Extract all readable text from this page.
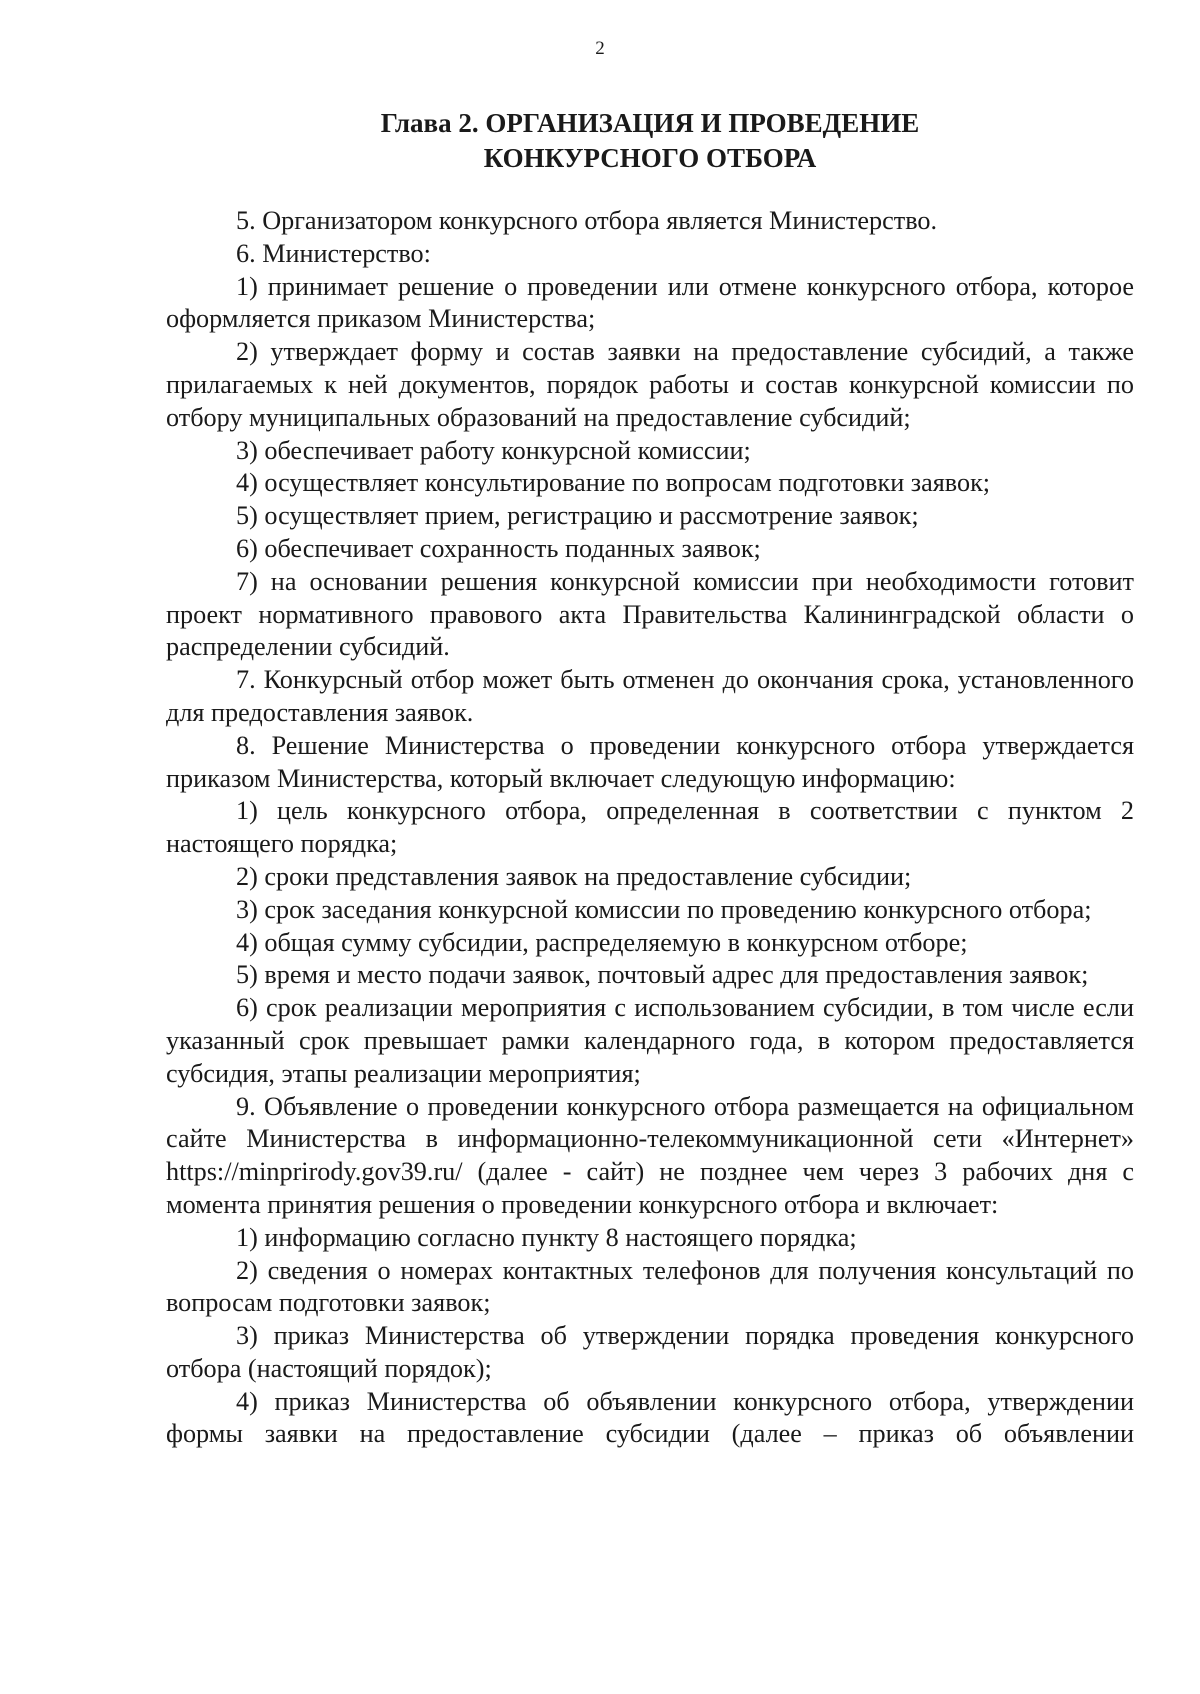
2
Глава 2. ОРГАНИЗАЦИЯ И ПРОВЕДЕНИЕ
КОНКУРСНОГО ОТБОРА

5. Организатором конкурсного отбора является Министерство.

6. Министерство:

1) принимает решение о проведении или отмене конкурсного отбора, которое оформляется приказом Министерства;

2) утверждает форму и состав заявки на предоставление субсидий, а также прилагаемых к ней документов, порядок работы и состав конкурсной комиссии по отбору муниципальных образований на предоставление субсидий;

3) обеспечивает работу конкурсной комиссии;

4) осуществляет консультирование по вопросам подготовки заявок;

5) осуществляет прием, регистрацию и рассмотрение заявок;

6) обеспечивает сохранность поданных заявок;

7) на основании решения конкурсной комиссии при необходимости готовит проект нормативного правового акта Правительства Калининградской области о распределении субсидий.

7. Конкурсный отбор может быть отменен до окончания срока, установленного для предоставления заявок.

8. Решение Министерства о проведении конкурсного отбора утверждается приказом Министерства, который включает следующую информацию:

1) цель конкурсного отбора, определенная в соответствии с пунктом 2 настоящего порядка;

2) сроки представления заявок на предоставление субсидии;

3) срок заседания конкурсной комиссии по проведению конкурсного отбора;

4) общая сумму субсидии, распределяемую в конкурсном отборе;

5) время и место подачи заявок, почтовый адрес для предоставления заявок;

6) срок реализации мероприятия с использованием субсидии, в том числе если указанный срок превышает рамки календарного года, в котором предоставляется субсидия, этапы реализации мероприятия;

9. Объявление о проведении конкурсного отбора размещается на официальном сайте Министерства в информационно-телекоммуникационной сети «Интернет» https://minprirody.gov39.ru/ (далее - сайт) не позднее чем через 3 рабочих дня с момента принятия решения о проведении конкурсного отбора и включает:

1) информацию согласно пункту 8 настоящего порядка;

2) сведения о номерах контактных телефонов для получения консультаций по вопросам подготовки заявок;

3) приказ Министерства об утверждении порядка проведения конкурсного отбора (настоящий порядок);

4) приказ Министерства об объявлении конкурсного отбора, утверждении формы заявки на предоставление субсидии (далее – приказ об объявлении
